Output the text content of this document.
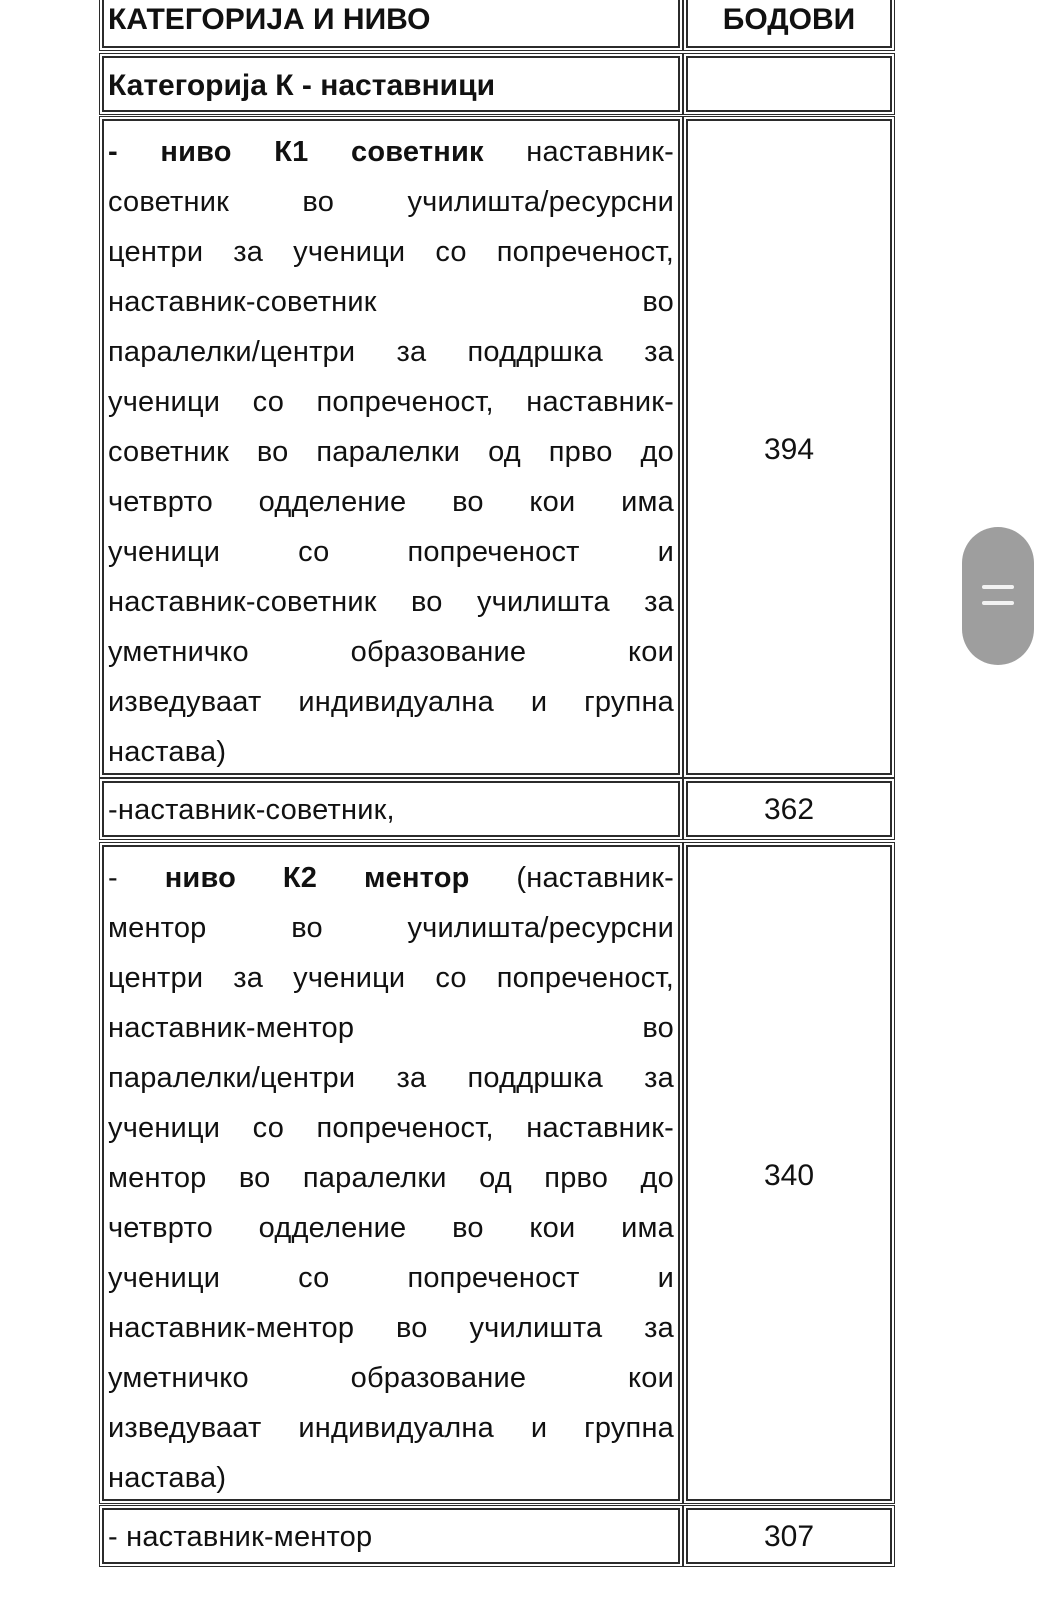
КАТЕГОРИЈА И НИВО	БОДОВИ
Категорија К - наставници
- ниво К1 советник наставник-
советник	во	училишта/ресурсни
центри за ученици со попреченост,
наставник-советник	во
паралелки/центри за поддршка за
ученици со попреченост, наставник-
советник во паралелки од прво до
четврто одделение во кои има
ученици	со	попреченост	и
наставник-советник во училишта за
уметничко	образование	кои
изведуваат индивидуална и групна
настава)
394
-наставник-советник,	362
- ниво К2 ментор (наставник-
ментор	во	училишта/ресурсни
центри за ученици со попреченост,
наставник-ментор	во
паралелки/центри за поддршка за
ученици со попреченост, наставник-
ментор во паралелки од прво до
четврто одделение во кои има
ученици	со	попреченост	и
наставник-ментор во училишта за
уметничко	образование	кои
изведуваат индивидуална и групна
настава)
340
- наставник-ментор	307
